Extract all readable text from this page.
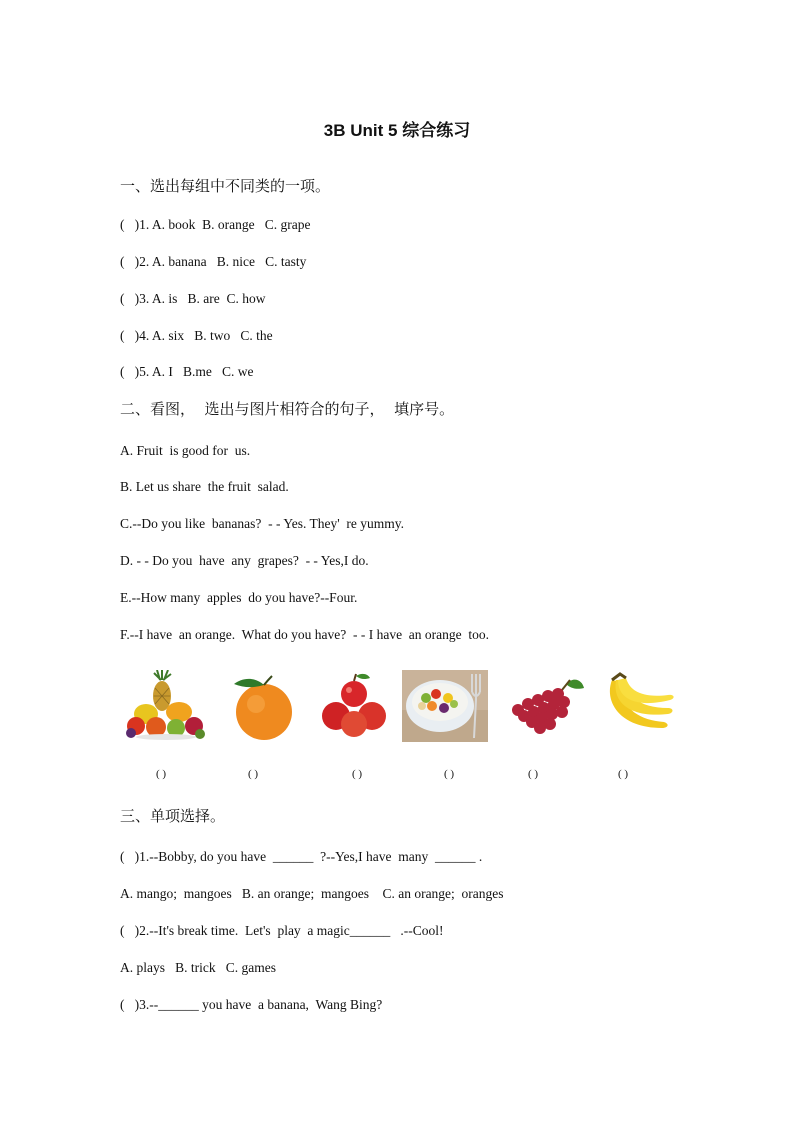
3B Unit 5 综合练习
一、选出每组中不同类的一项。
(   )1. A. book  B. orange   C. grape
(   )2. A. banana   B. nice   C. tasty
(   )3. A. is   B. are  C. how
(   )4. A. six   B. two   C. the
(   )5. A. I   B.me   C. we
二、看图，  选出与图片相符合的句子，  填序号。
A. Fruit  is good for  us.
B. Let us share  the fruit  salad.
C.--Do you like  bananas?  - - Yes. They'  re yummy.
D. - - Do you  have  any  grapes?  - - Yes,I do.
E.--How many  apples  do you have?--Four.
F.--I have  an orange.  What do you have?  - - I have  an orange  too.
( )	( )	( )	( )	( )	( )
三、单项选择。
(   )1.--Bobby, do you have  ______  ?--Yes,I have  many  ______ .
A. mango;  mangoes   B. an orange;  mangoes    C. an orange;  oranges
(   )2.--It's break time.  Let's  play  a magic______   .--Cool!
A. plays   B. trick   C. games
(   )3.--______ you have  a banana,  Wang Bing?
